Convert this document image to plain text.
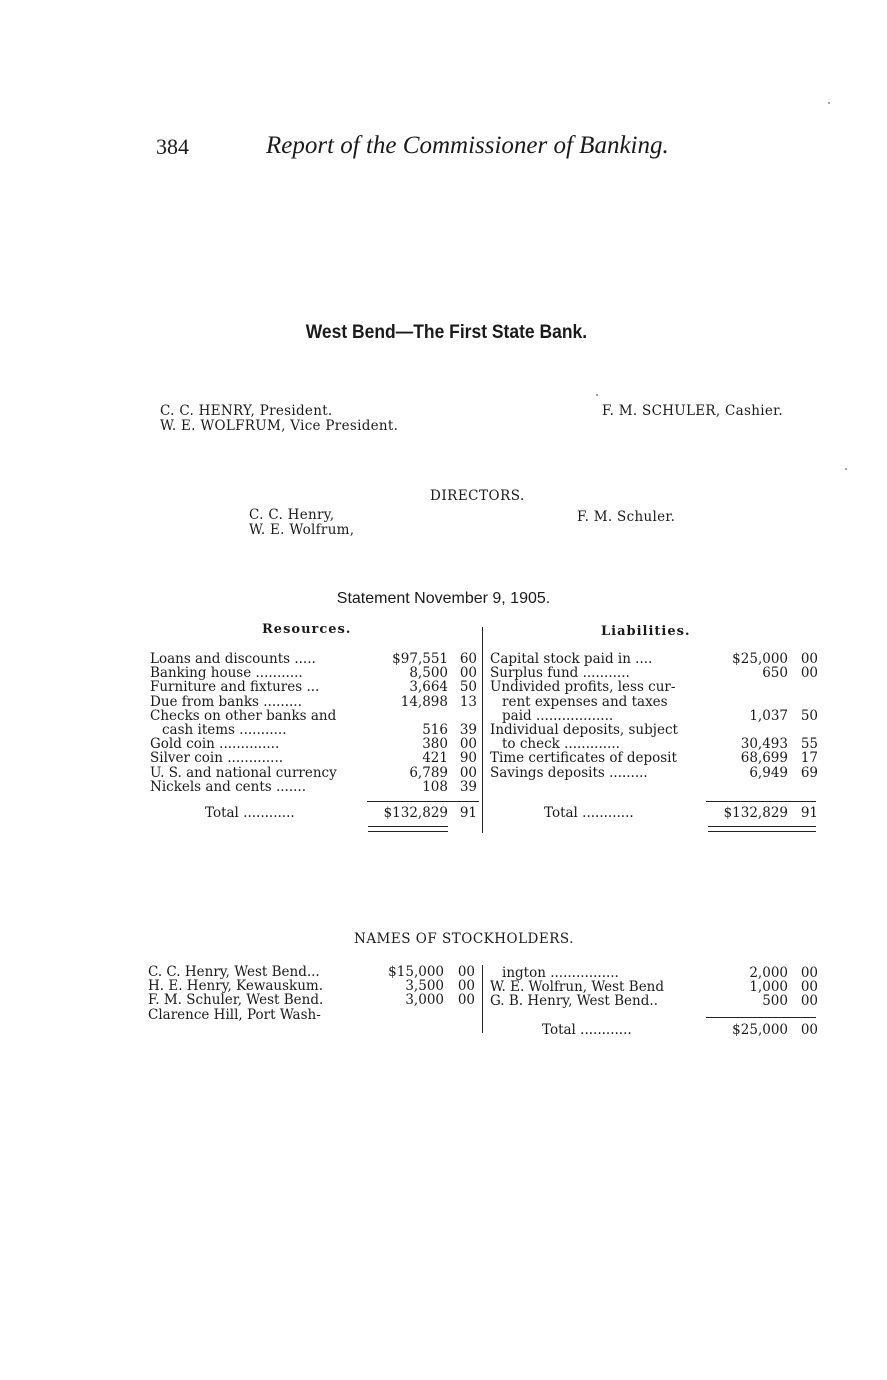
384	Report of the Commissioner of Banking.
West Bend—The First State Bank.
C. C. HENRY, President.
W. E. WOLFRUM, Vice President.
F. M. SCHULER, Cashier.
DIRECTORS.
C. C. Henry,
W. E. Wolfrum,
F. M. Schuler.
Statement November 9, 1905.
Resources.	Liabilities.
Loans and discounts .....	$97,551 60
Banking house ...........	8,500 00
Furniture and fixtures ...	3,664 50
Due from banks .........	14,898 13
Checks on other banks and
cash items ...........	516 39
Gold coin ..............	380 00
Silver coin .............	421 90
U. S. and national currency	6,789 00
Nickels and cents .......	108 39
Total ............	$132,829 91
Capital stock paid in ....	$25,000 00
Surplus fund ...........	650 00
Undivided profits, less cur-
rent expenses and taxes
paid ..................	1,037 50
Individual deposits, subject
to check .............	30,493 55
Time certificates of deposit	68,699 17
Savings deposits .........	6,949 69
Total ............	$132,829 91
NAMES OF STOCKHOLDERS.
C. C. Henry, West Bend...	$15,000 00
H. E. Henry, Kewauskum.	3,500 00
F. M. Schuler, West Bend.	3,000 00
Clarence Hill, Port Wash-
ington ................	2,000 00
W. E. Wolfrun, West Bend	1,000 00
G. B. Henry, West Bend..	500 00
Total ............	$25,000 00
